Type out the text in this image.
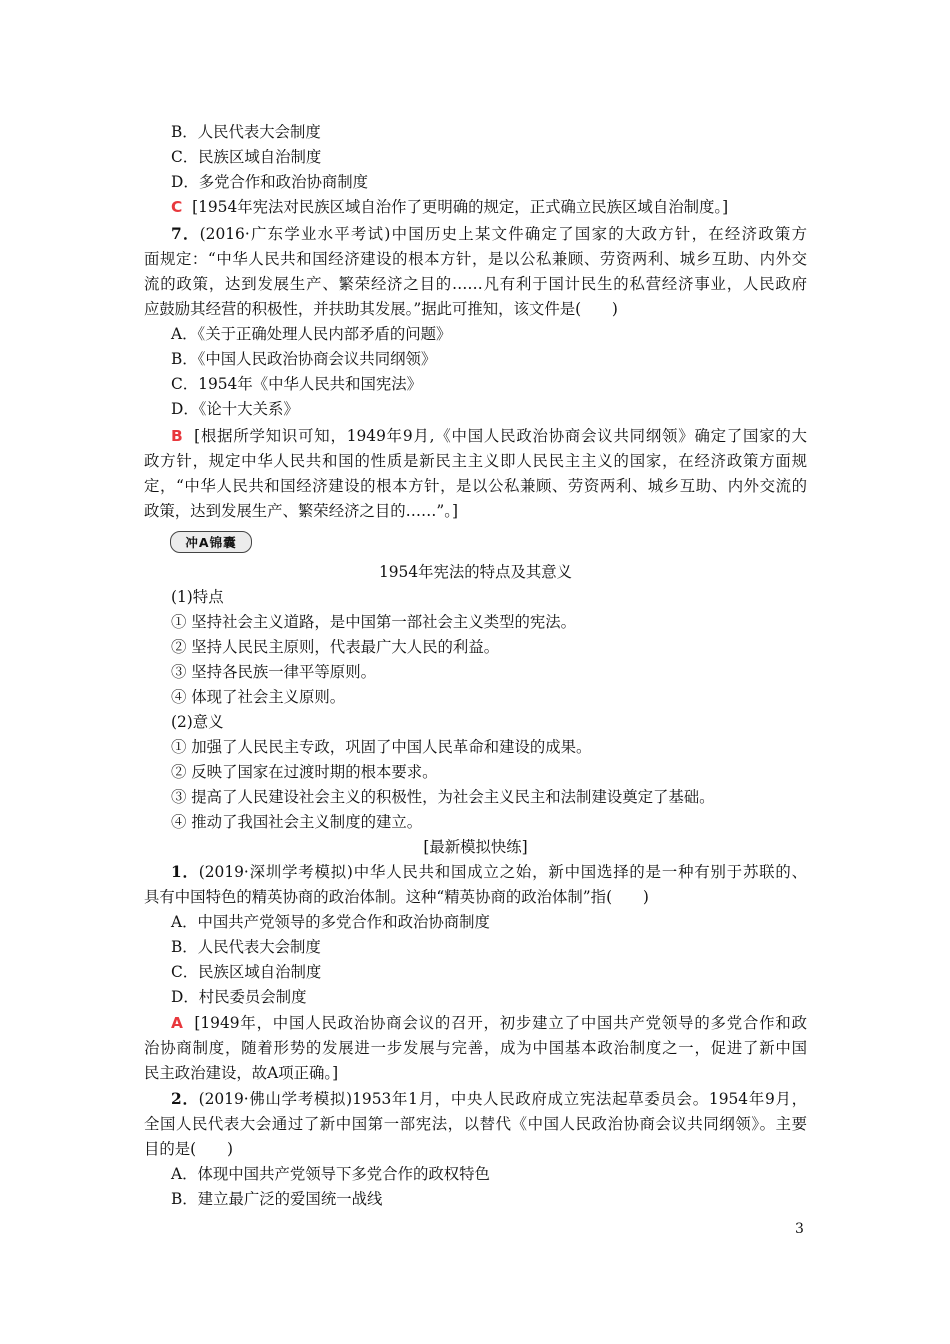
B．人民代表大会制度
C．民族区域自治制度
D．多党合作和政治协商制度
C [1954年宪法对民族区域自治作了更明确的规定，正式确立民族区域自治制度。]
7．(2016·广东学业水平考试)中国历史上某文件确定了国家的大政方针，在经济政策方
面规定：“中华人民共和国经济建设的根本方针，是以公私兼顾、劳资两利、城乡互助、内外交
流的政策，达到发展生产、繁荣经济之目的……凡有利于国计民生的私营经济事业，人民政府
应鼓励其经营的积极性，并扶助其发展。”据此可推知，该文件是(　　)
A．《关于正确处理人民内部矛盾的问题》
B．《中国人民政治协商会议共同纲领》
C．1954年《中华人民共和国宪法》
D．《论十大关系》
B [根据所学知识可知，1949年9月,《中国人民政治协商会议共同纲领》确定了国家的大
政方针，规定中华人民共和国的性质是新民主主义即人民民主主义的国家，在经济政策方面规
定，“中华人民共和国经济建设的根本方针，是以公私兼顾、劳资两利、城乡互助、内外交流的
政策，达到发展生产、繁荣经济之目的……”。]
冲A锦囊
1954年宪法的特点及其意义
(1)特点
① 坚持社会主义道路，是中国第一部社会主义类型的宪法。
② 坚持人民民主原则，代表最广大人民的利益。
③ 坚持各民族一律平等原则。
④ 体现了社会主义原则。
(2)意义
① 加强了人民民主专政，巩固了中国人民革命和建设的成果。
② 反映了国家在过渡时期的根本要求。
③ 提高了人民建设社会主义的积极性，为社会主义民主和法制建设奠定了基础。
④ 推动了我国社会主义制度的建立。
[最新模拟快练]
1．(2019·深圳学考模拟)中华人民共和国成立之始，新中国选择的是一种有别于苏联的、
具有中国特色的精英协商的政治体制。这种“精英协商的政治体制”指(　　)
A．中国共产党领导的多党合作和政治协商制度
B．人民代表大会制度
C．民族区域自治制度
D．村民委员会制度
A [1949年，中国人民政治协商会议的召开，初步建立了中国共产党领导的多党合作和政
治协商制度，随着形势的发展进一步发展与完善，成为中国基本政治制度之一，促进了新中国
民主政治建设，故A项正确。]
2．(2019·佛山学考模拟)1953年1月，中央人民政府成立宪法起草委员会。1954年9月，
全国人民代表大会通过了新中国第一部宪法，以替代《中国人民政治协商会议共同纲领》。主要
目的是(　　)
A．体现中国共产党领导下多党合作的政权特色
B．建立最广泛的爱国统一战线
3
